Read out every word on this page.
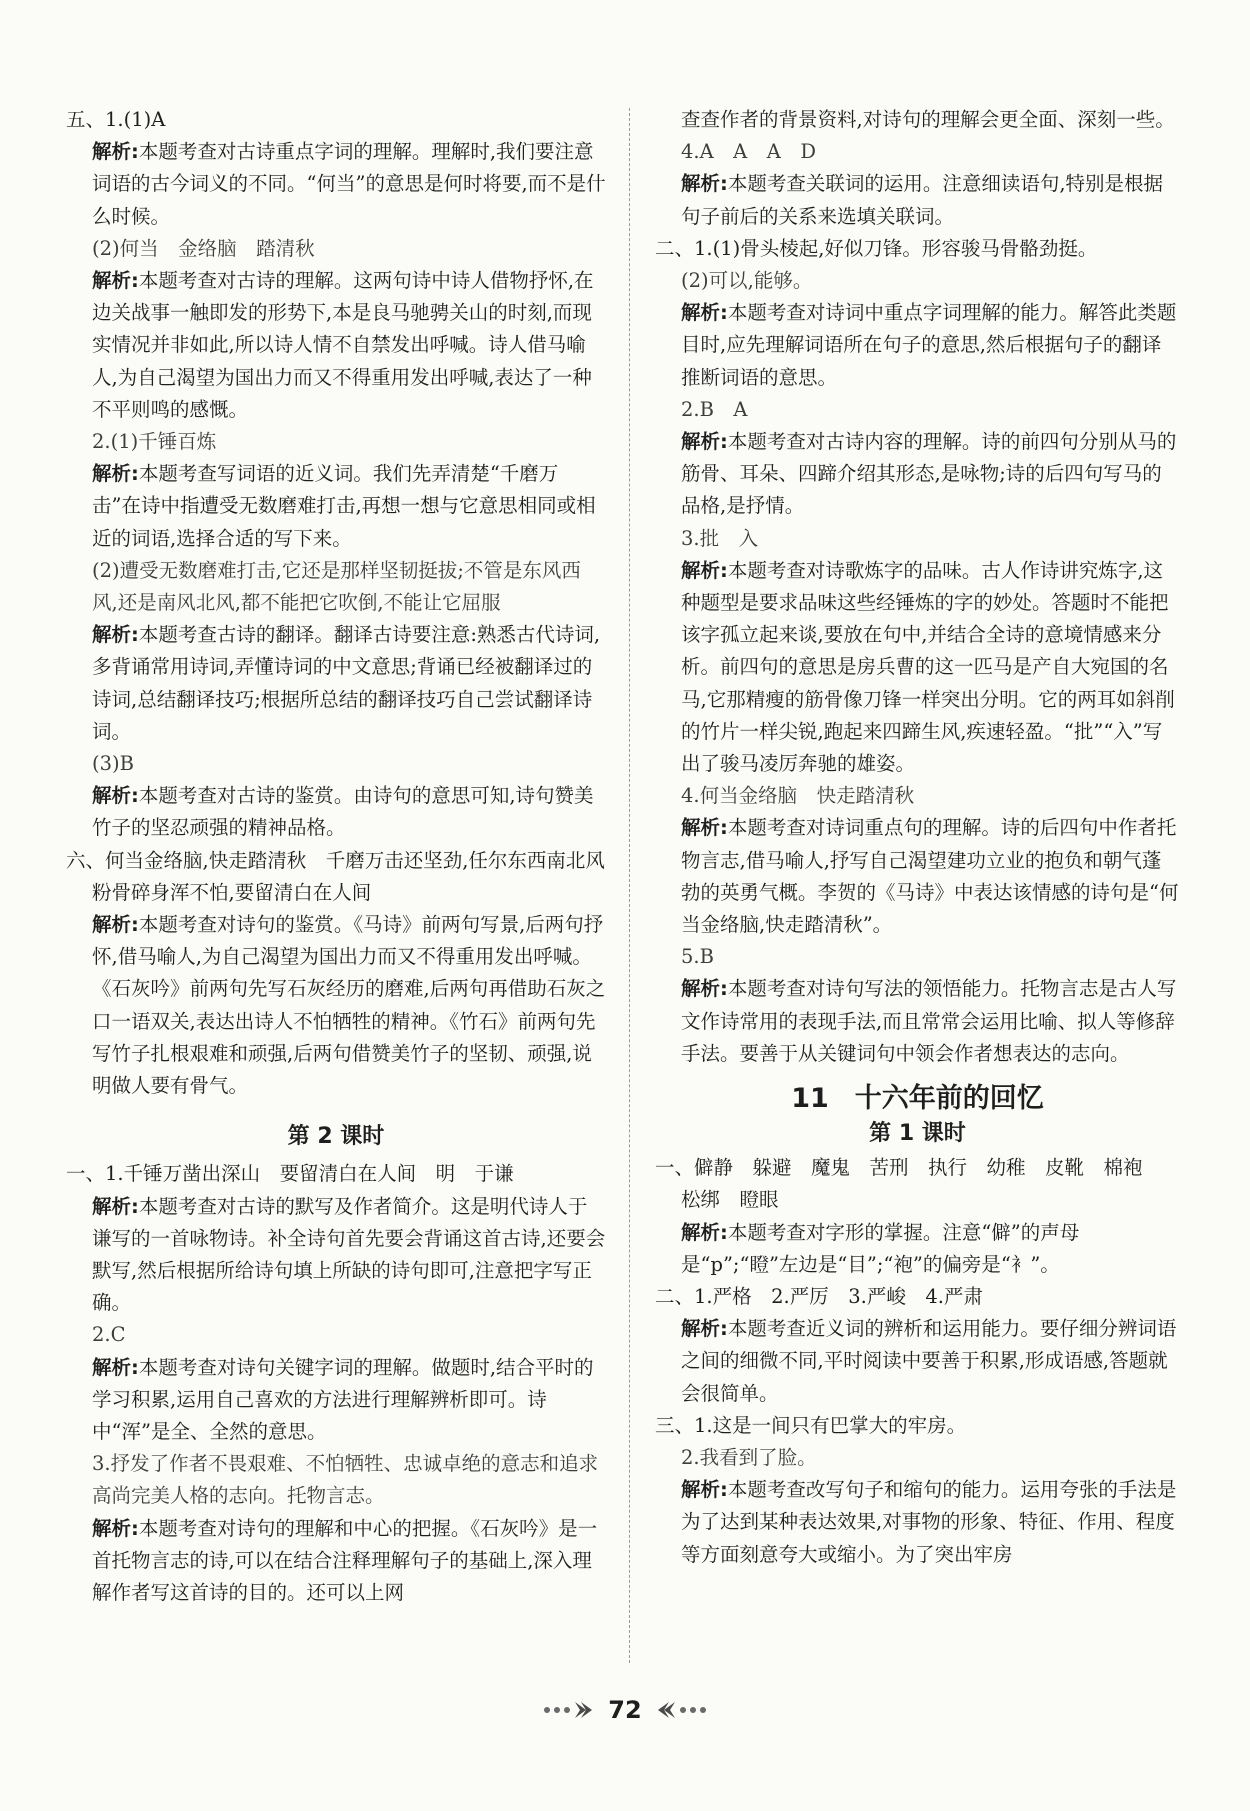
五、1.(1)A
解析:本题考查对古诗重点字词的理解。理解时,我们要注意词语的古今词义的不同。“何当”的意思是何时将要,而不是什么时候。
(2)何当　金络脑　踏清秋
解析:本题考查对古诗的理解。这两句诗中诗人借物抒怀,在边关战事一触即发的形势下,本是良马驰骋关山的时刻,而现实情况并非如此,所以诗人情不自禁发出呼喊。诗人借马喻人,为自己渴望为国出力而又不得重用发出呼喊,表达了一种不平则鸣的感慨。
2.(1)千锤百炼
解析:本题考查写词语的近义词。我们先弄清楚“千磨万击”在诗中指遭受无数磨难打击,再想一想与它意思相同或相近的词语,选择合适的写下来。
(2)遭受无数磨难打击,它还是那样坚韧挺拔;不管是东风西风,还是南风北风,都不能把它吹倒,不能让它屈服
解析:本题考查古诗的翻译。翻译古诗要注意:熟悉古代诗词,多背诵常用诗词,弄懂诗词的中文意思;背诵已经被翻译过的诗词,总结翻译技巧;根据所总结的翻译技巧自己尝试翻译诗词。
(3)B
解析:本题考查对古诗的鉴赏。由诗句的意思可知,诗句赞美竹子的坚忍顽强的精神品格。
六、何当金络脑,快走踏清秋　千磨万击还坚劲,任尔东西南北风　粉骨碎身浑不怕,要留清白在人间
解析:本题考查对诗句的鉴赏。《马诗》前两句写景,后两句抒怀,借马喻人,为自己渴望为国出力而又不得重用发出呼喊。《石灰吟》前两句先写石灰经历的磨难,后两句再借助石灰之口一语双关,表达出诗人不怕牺牲的精神。《竹石》前两句先写竹子扎根艰难和顽强,后两句借赞美竹子的坚韧、顽强,说明做人要有骨气。
第 2 课时
一、1.千锤万凿出深山　要留清白在人间　明　于谦
解析:本题考查对古诗的默写及作者简介。这是明代诗人于谦写的一首咏物诗。补全诗句首先要会背诵这首古诗,还要会默写,然后根据所给诗句填上所缺的诗句即可,注意把字写正确。
2.C
解析:本题考查对诗句关键字词的理解。做题时,结合平时的学习积累,运用自己喜欢的方法进行理解辨析即可。诗中“浑”是全、全然的意思。
3.抒发了作者不畏艰难、不怕牺牲、忠诚卓绝的意志和追求高尚完美人格的志向。托物言志。
解析:本题考查对诗句的理解和中心的把握。《石灰吟》是一首托物言志的诗,可以在结合注释理解句子的基础上,深入理解作者写这首诗的目的。还可以上网
查查作者的背景资料,对诗句的理解会更全面、深刻一些。
4.A　A　A　D
解析:本题考查关联词的运用。注意细读语句,特别是根据句子前后的关系来选填关联词。
二、1.(1)骨头棱起,好似刀锋。形容骏马骨骼劲挺。
(2)可以,能够。
解析:本题考查对诗词中重点字词理解的能力。解答此类题目时,应先理解词语所在句子的意思,然后根据句子的翻译推断词语的意思。
2.B　A
解析:本题考查对古诗内容的理解。诗的前四句分别从马的筋骨、耳朵、四蹄介绍其形态,是咏物;诗的后四句写马的品格,是抒情。
3.批　入
解析:本题考查对诗歌炼字的品味。古人作诗讲究炼字,这种题型是要求品味这些经锤炼的字的妙处。答题时不能把该字孤立起来谈,要放在句中,并结合全诗的意境情感来分析。前四句的意思是房兵曹的这一匹马是产自大宛国的名马,它那精瘦的筋骨像刀锋一样突出分明。它的两耳如斜削的竹片一样尖锐,跑起来四蹄生风,疾速轻盈。“批”“入”写出了骏马凌厉奔驰的雄姿。
4.何当金络脑　快走踏清秋
解析:本题考查对诗词重点句的理解。诗的后四句中作者托物言志,借马喻人,抒写自己渴望建功立业的抱负和朝气蓬勃的英勇气概。李贺的《马诗》中表达该情感的诗句是“何当金络脑,快走踏清秋”。
5.B
解析:本题考查对诗句写法的领悟能力。托物言志是古人写文作诗常用的表现手法,而且常常会运用比喻、拟人等修辞手法。要善于从关键词句中领会作者想表达的志向。
11 十六年前的回忆
第 1 课时
一、僻静　躲避　魔鬼　苦刑　执行　幼稚　皮靴　棉袍　松绑　瞪眼
解析:本题考查对字形的掌握。注意“僻”的声母是“p”;“瞪”左边是“目”;“袍”的偏旁是“衤”。
二、1.严格　2.严厉　3.严峻　4.严肃
解析:本题考查近义词的辨析和运用能力。要仔细分辨词语之间的细微不同,平时阅读中要善于积累,形成语感,答题就会很简单。
三、1.这是一间只有巴掌大的牢房。
2.我看到了脸。
解析:本题考查改写句子和缩句的能力。运用夸张的手法是为了达到某种表达效果,对事物的形象、特征、作用、程度等方面刻意夸大或缩小。为了突出牢房
72
